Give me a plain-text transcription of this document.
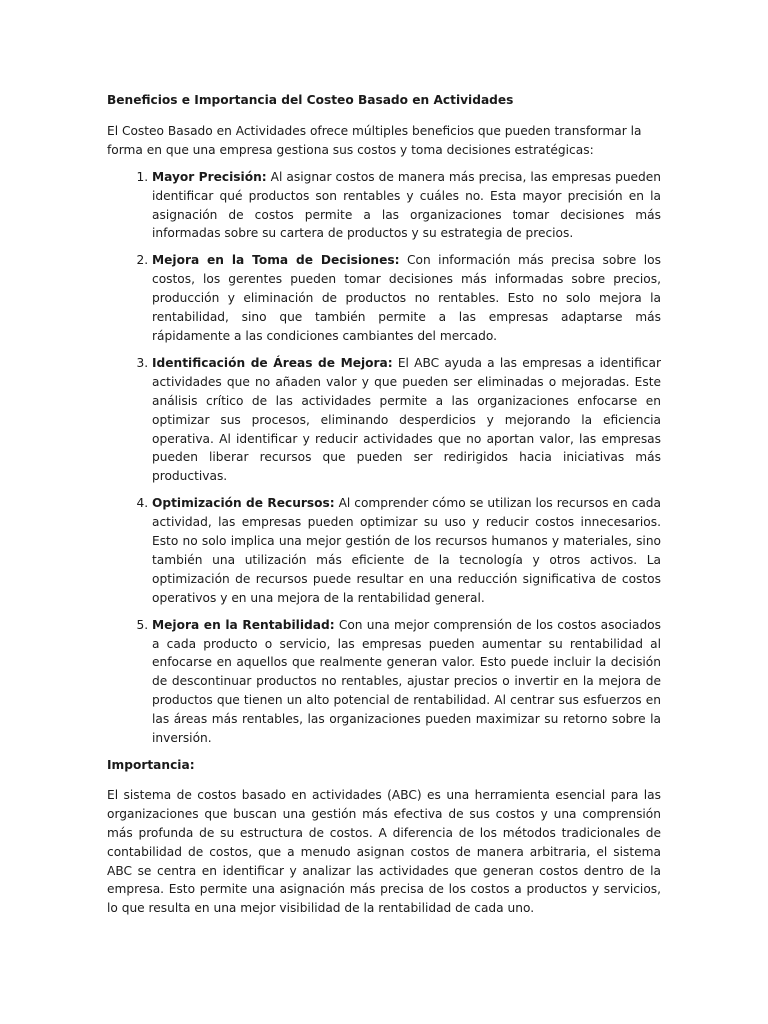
Beneficios e Importancia del Costeo Basado en Actividades

El Costeo Basado en Actividades ofrece múltiples beneficios que pueden transformar la forma en que una empresa gestiona sus costos y toma decisiones estratégicas:

1. Mayor Precisión: Al asignar costos de manera más precisa, las empresas pueden identificar qué productos son rentables y cuáles no. Esta mayor precisión en la asignación de costos permite a las organizaciones tomar decisiones más informadas sobre su cartera de productos y su estrategia de precios.
2. Mejora en la Toma de Decisiones: Con información más precisa sobre los costos, los gerentes pueden tomar decisiones más informadas sobre precios, producción y eliminación de productos no rentables. Esto no solo mejora la rentabilidad, sino que también permite a las empresas adaptarse más rápidamente a las condiciones cambiantes del mercado.
3. Identificación de Áreas de Mejora: El ABC ayuda a las empresas a identificar actividades que no añaden valor y que pueden ser eliminadas o mejoradas. Este análisis crítico de las actividades permite a las organizaciones enfocarse en optimizar sus procesos, eliminando desperdicios y mejorando la eficiencia operativa. Al identificar y reducir actividades que no aportan valor, las empresas pueden liberar recursos que pueden ser redirigidos hacia iniciativas más productivas.
4. Optimización de Recursos: Al comprender cómo se utilizan los recursos en cada actividad, las empresas pueden optimizar su uso y reducir costos innecesarios. Esto no solo implica una mejor gestión de los recursos humanos y materiales, sino también una utilización más eficiente de la tecnología y otros activos. La optimización de recursos puede resultar en una reducción significativa de costos operativos y en una mejora de la rentabilidad general.
5. Mejora en la Rentabilidad: Con una mejor comprensión de los costos asociados a cada producto o servicio, las empresas pueden aumentar su rentabilidad al enfocarse en aquellos que realmente generan valor. Esto puede incluir la decisión de descontinuar productos no rentables, ajustar precios o invertir en la mejora de productos que tienen un alto potencial de rentabilidad. Al centrar sus esfuerzos en las áreas más rentables, las organizaciones pueden maximizar su retorno sobre la inversión.
Importancia:

El sistema de costos basado en actividades (ABC) es una herramienta esencial para las organizaciones que buscan una gestión más efectiva de sus costos y una comprensión más profunda de su estructura de costos. A diferencia de los métodos tradicionales de contabilidad de costos, que a menudo asignan costos de manera arbitraria, el sistema ABC se centra en identificar y analizar las actividades que generan costos dentro de la empresa. Esto permite una asignación más precisa de los costos a productos y servicios, lo que resulta en una mejor visibilidad de la rentabilidad de cada uno.
